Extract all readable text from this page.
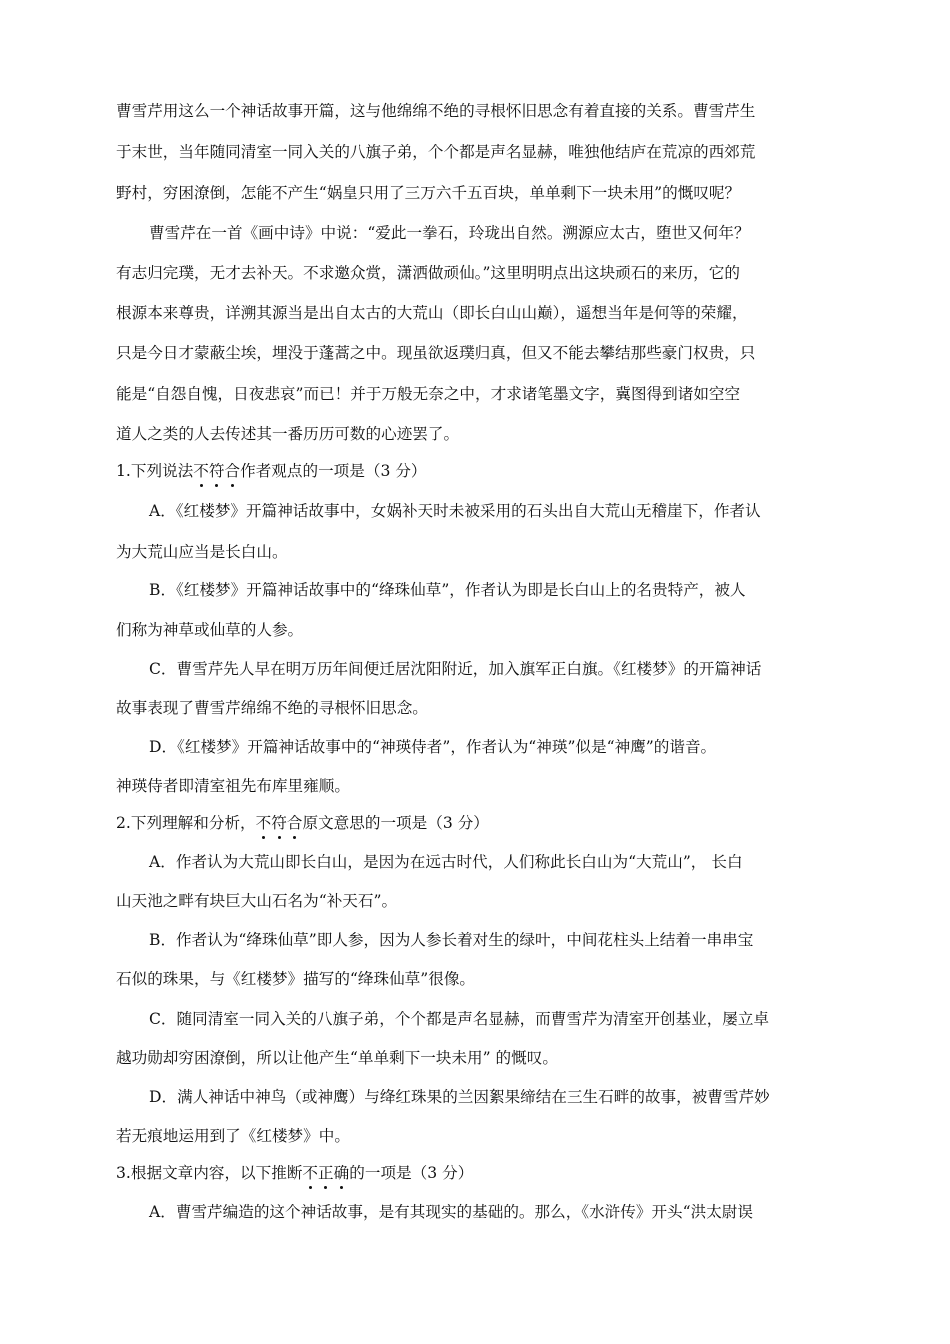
曹雪芹用这么一个神话故事开篇，这与他绵绵不绝的寻根怀旧思念有着直接的关系。曹雪芹生
于末世，当年随同清室一同入关的八旗子弟，个个都是声名显赫，唯独他结庐在荒凉的西郊荒
野村，穷困潦倒，怎能不产生“娲皇只用了三万六千五百块，单单剩下一块未用”的慨叹呢？
曹雪芹在一首《画中诗》中说：“爱此一拳石，玲珑出自然。溯源应太古，堕世又何年？
有志归完璞，无才去补天。不求邀众赏，潇洒做顽仙。”这里明明点出这块顽石的来历，它的
根源本来尊贵，详溯其源当是出自太古的大荒山（即长白山山巅），遥想当年是何等的荣耀，
只是今日才蒙蔽尘埃，埋没于蓬蒿之中。现虽欲返璞归真，但又不能去攀结那些豪门权贵，只
能是“自怨自愧，日夜悲哀”而已！并于万般无奈之中，才求诸笔墨文字，冀图得到诸如空空
道人之类的人去传述其一番历历可数的心迹罢了。
1.下列说法不符合作者观点的一项是（3 分）
A．《红楼梦》开篇神话故事中，女娲补天时未被采用的石头出自大荒山无稽崖下，作者认
为大荒山应当是长白山。
B．《红楼梦》开篇神话故事中的“绛珠仙草”，作者认为即是长白山上的名贵特产，被人
们称为神草或仙草的人参。
C．曹雪芹先人早在明万历年间便迁居沈阳附近，加入旗军正白旗。《红楼梦》的开篇神话
故事表现了曹雪芹绵绵不绝的寻根怀旧思念。
D．《红楼梦》开篇神话故事中的“神瑛侍者”，作者认为“神瑛”似是“神鹰”的谐音。
神瑛侍者即清室祖先布库里雍顺。
2.下列理解和分析，不符合原文意思的一项是（3 分）
A．作者认为大荒山即长白山，是因为在远古时代，人们称此长白山为“大荒山”， 长白
山天池之畔有块巨大山石名为“补天石”。
B．作者认为“绛珠仙草”即人参，因为人参长着对生的绿叶，中间花柱头上结着一串串宝
石似的珠果，与《红楼梦》描写的“绛珠仙草”很像。
C．随同清室一同入关的八旗子弟，个个都是声名显赫，而曹雪芹为清室开创基业，屡立卓
越功勋却穷困潦倒，所以让他产生“单单剩下一块未用” 的慨叹。
D．满人神话中神鸟（或神鹰）与绛红珠果的兰因絮果缔结在三生石畔的故事，被曹雪芹妙
若无痕地运用到了《红楼梦》中。
3.根据文章内容，以下推断不正确的一项是（3 分）
A．曹雪芹编造的这个神话故事，是有其现实的基础的。那么，《水浒传》开头“洪太尉误
